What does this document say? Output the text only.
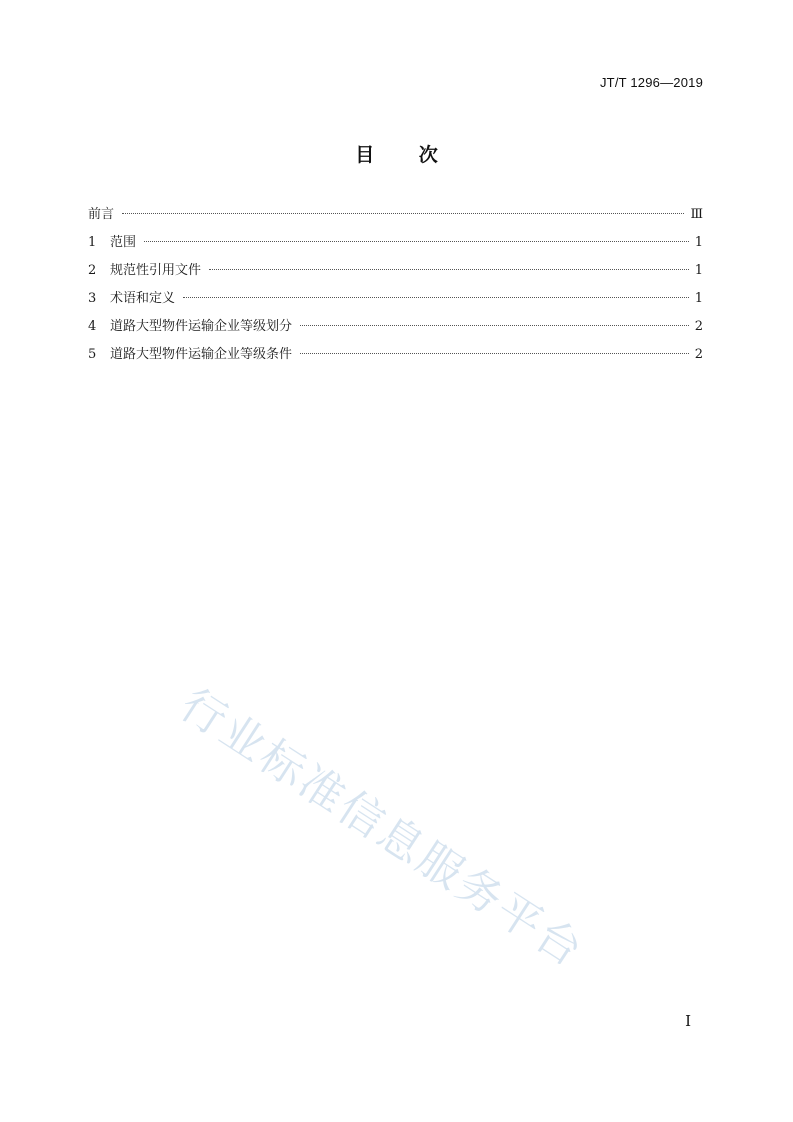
JT/T 1296—2019
目 次
前言	Ⅲ
1	范围	1
2	规范性引用文件	1
3	术语和定义	1
4	道路大型物件运输企业等级划分	2
5	道路大型物件运输企业等级条件	2
行业标准信息服务平台
I
